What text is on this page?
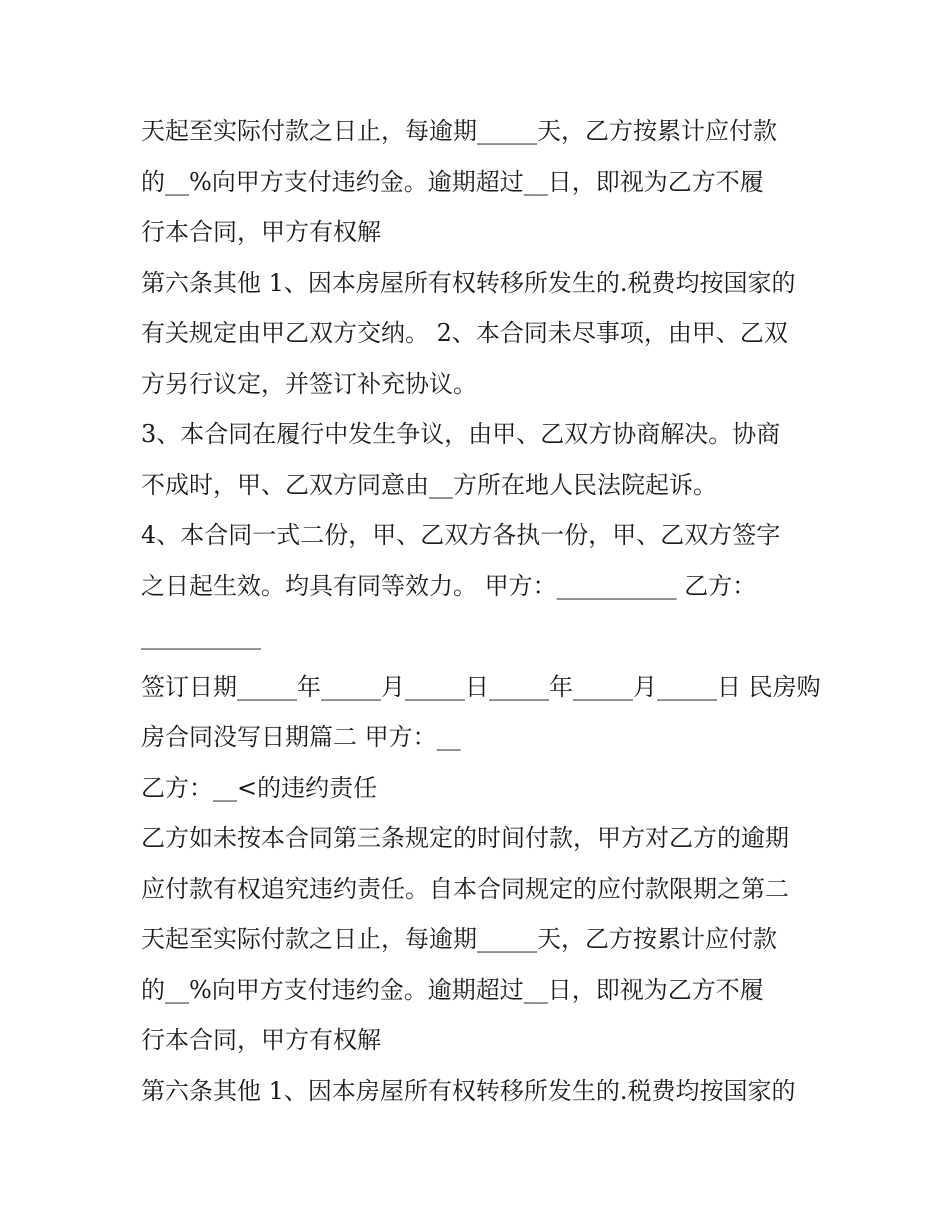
天起至实际付款之日止，每逾期_____天，乙方按累计应付款
的__%向甲方支付违约金。逾期超过__日，即视为乙方不履
行本合同，甲方有权解

第六条其他 1、因本房屋所有权转移所发生的.税费均按国家的
有关规定由甲乙双方交纳。 2、本合同未尽事项，由甲、乙双
方另行议定，并签订补充协议。

3、本合同在履行中发生争议，由甲、乙双方协商解决。协商
不成时，甲、乙双方同意由__方所在地人民法院起诉。

4、本合同一式二份，甲、乙双方各执一份，甲、乙双方签字
之日起生效。均具有同等效力。 甲方：__________ 乙方：
__________

签订日期_____年_____月_____日_____年_____月_____日 民房购
房合同没写日期篇二 甲方：__

乙方：__<的违约责任

乙方如未按本合同第三条规定的时间付款，甲方对乙方的逾期
应付款有权追究违约责任。自本合同规定的应付款限期之第二
天起至实际付款之日止，每逾期_____天，乙方按累计应付款
的__%向甲方支付违约金。逾期超过__日，即视为乙方不履
行本合同，甲方有权解

第六条其他 1、因本房屋所有权转移所发生的.税费均按国家的
